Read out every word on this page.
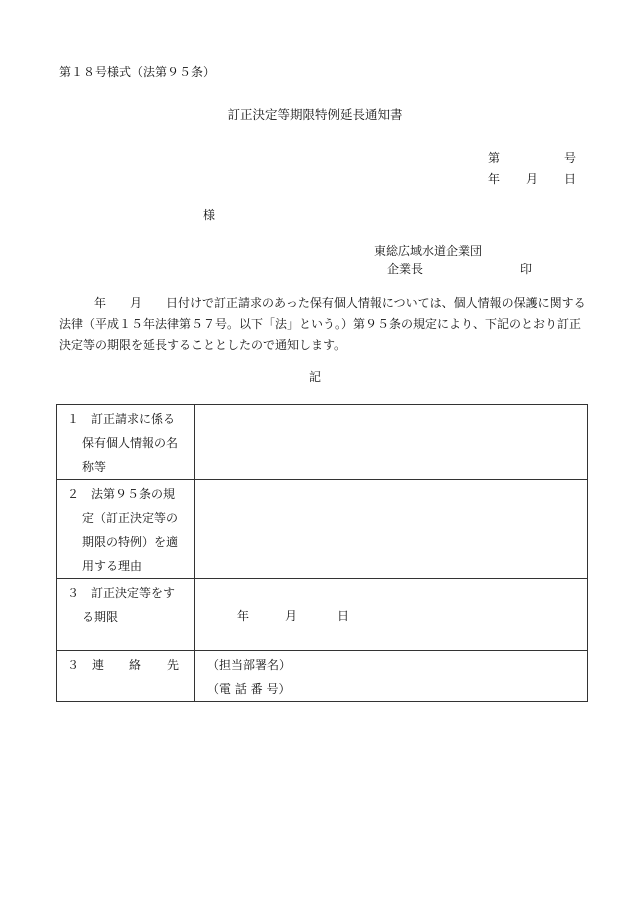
第１８号様式（法第９５条）
訂正決定等期限特例延長通知書
第	号
年 月 日
様
東総広域水道企業団
企業長	印
年　　月　　日付けで訂正請求のあった保有個人情報については、個人情報の保護に関する法律（平成１５年法律第５７号。以下「法」という。）第９５条の規定により、下記のとおり訂正決定等の期限を延長することとしたので通知します。
記
１　訂正請求に係る
保有個人情報の名
称等	

２　法第９５条の規
定（訂正決定等の
期限の特例）を適
用する理由	

３　訂正決定等をす
る期限	年 月 日

３ 連 絡 先	（担当部署名）
（電 話 番 号）
